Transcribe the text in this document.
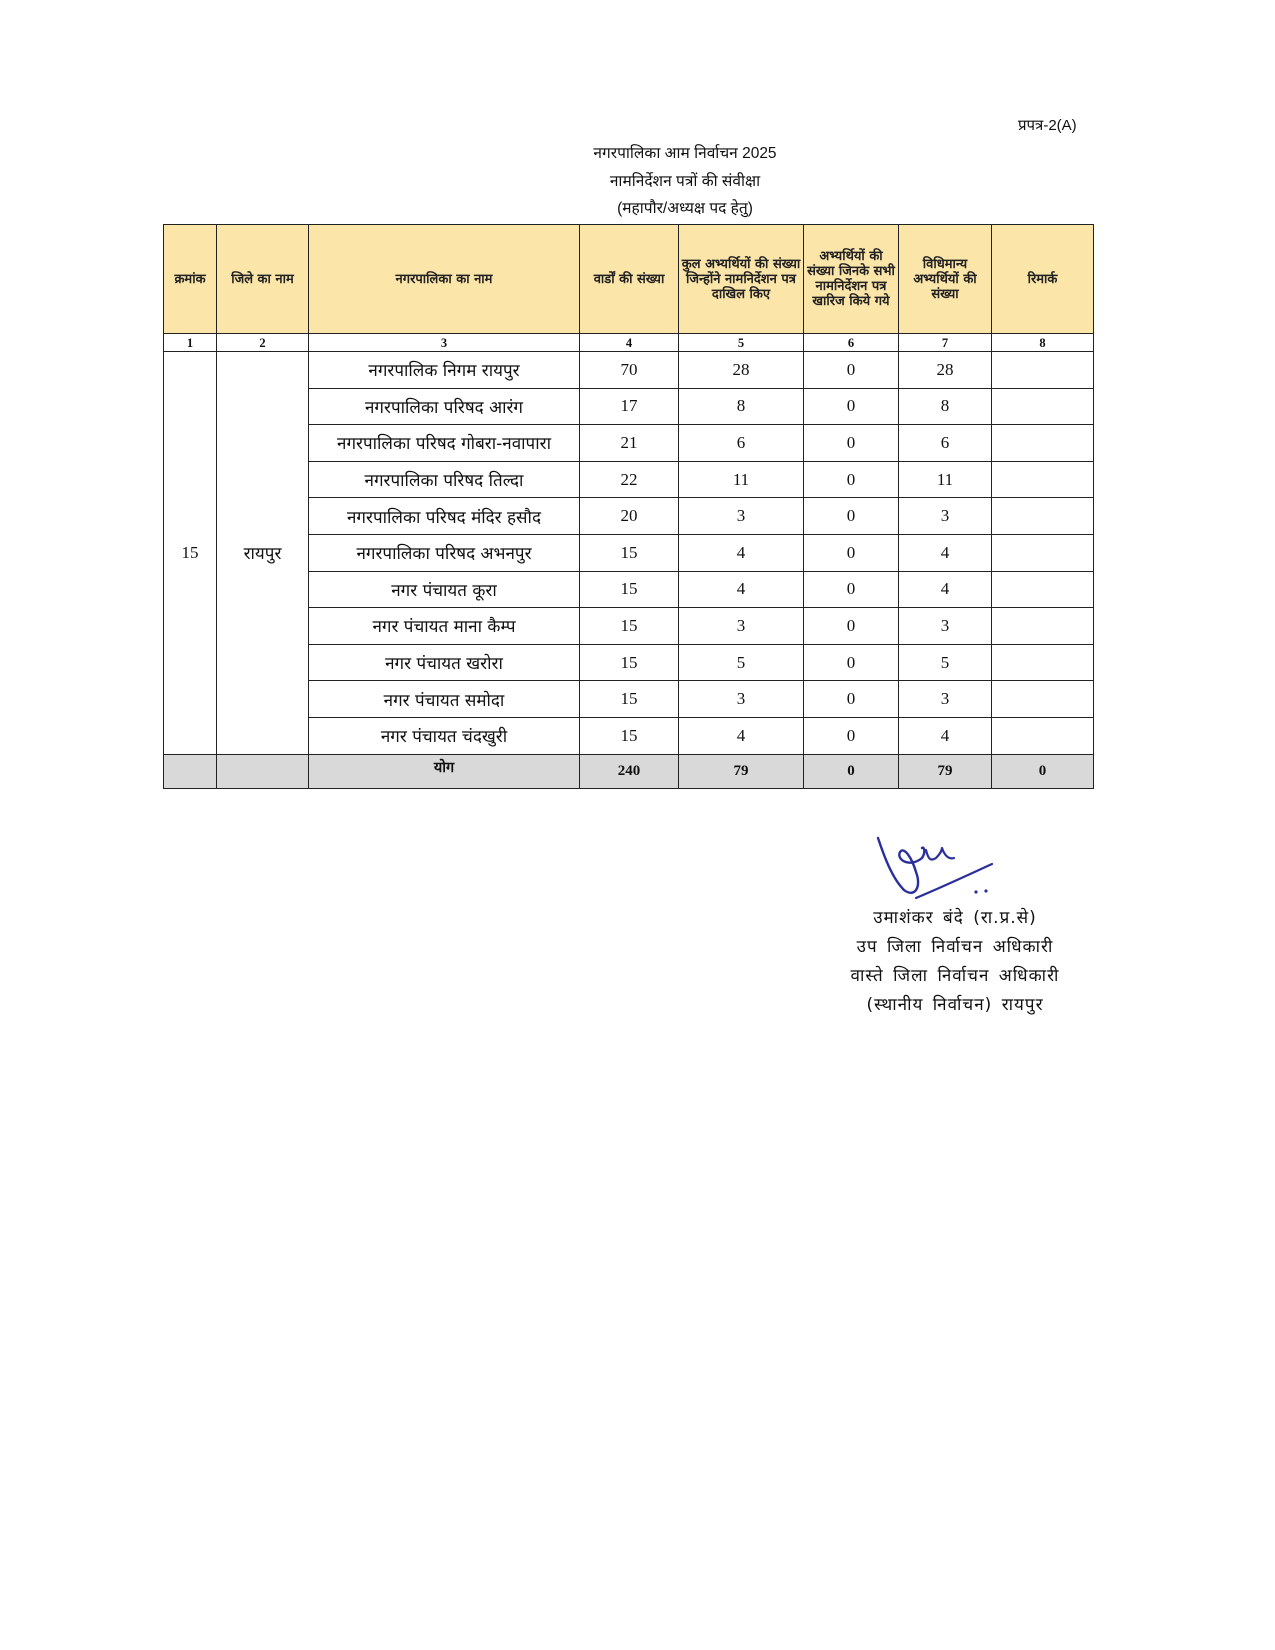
प्रपत्र-2(A)
नगरपालिका आम निर्वाचन 2025
नामनिर्देशन पत्रों की संवीक्षा
(महापौर/अध्यक्ष पद हेतु)
क्रमांक	जिले का नाम	नगरपालिका का नाम	वार्डों की संख्या	कुल अभ्यर्थियों की संख्या जिन्होंने नामनिर्देशन पत्र दाखिल किए	अभ्यर्थियों की संख्या जिनके सभी नामनिर्देशन पत्र खारिज किये गये	विधिमान्य अभ्यर्थियों की संख्या	रिमार्क
1	2	3	4	5	6	7	8
15	रायपुर	नगरपालिक निगम रायपुर	70	28	0	28	
		नगरपालिका परिषद आरंग	17	8	0	8	
		नगरपालिका परिषद गोबरा-नवापारा	21	6	0	6	
		नगरपालिका परिषद तिल्दा	22	11	0	11	
		नगरपालिका परिषद मंदिर हसौद	20	3	0	3	
		नगरपालिका परिषद अभनपुर	15	4	0	4	
		नगर पंचायत कूरा	15	4	0	4	
		नगर पंचायत माना कैम्प	15	3	0	3	
		नगर पंचायत खरोरा	15	5	0	5	
		नगर पंचायत समोदा	15	3	0	3	
		नगर पंचायत चंदखुरी	15	4	0	4	
		योग	240	79	0	79	0
उमाशंकर बंदे (रा.प्र.से)
उप जिला निर्वाचन अधिकारी
वास्ते जिला निर्वाचन अधिकारी
(स्थानीय निर्वाचन) रायपुर
